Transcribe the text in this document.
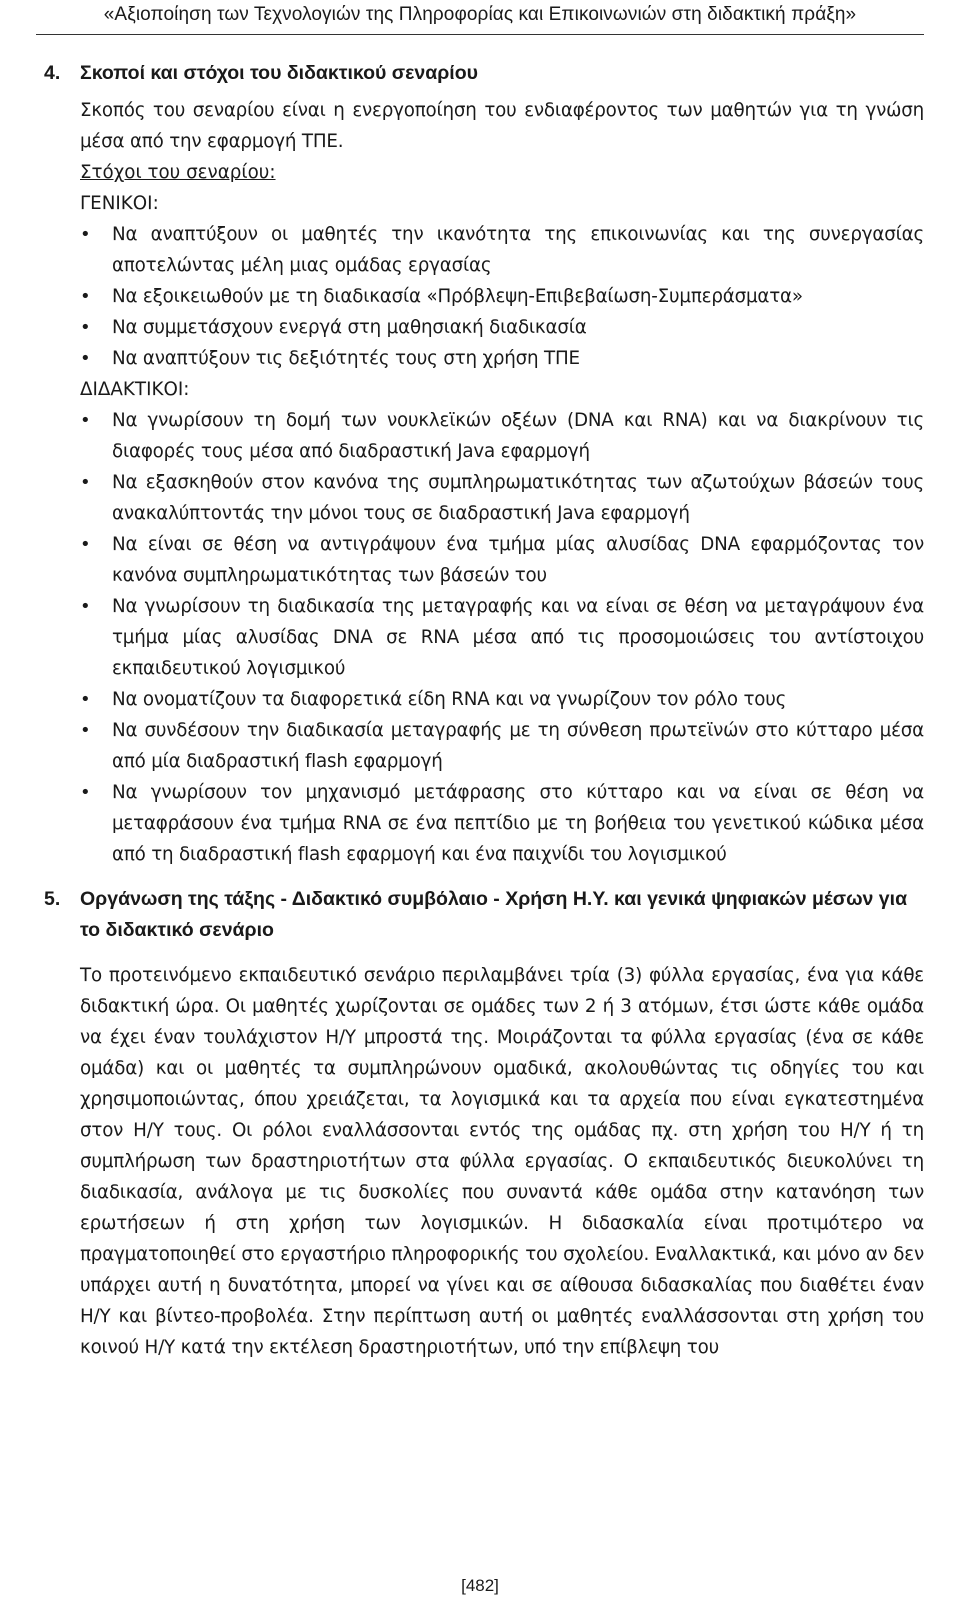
«Αξιοποίηση των Τεχνολογιών της Πληροφορίας και Επικοινωνιών στη διδακτική πράξη»
4.	Σκοποί και στόχοι του διδακτικού σεναρίου

Σκοπός του σεναρίου είναι η ενεργοποίηση του ενδιαφέροντος των μαθητών για τη γνώση μέσα από την εφαρμογή ΤΠΕ.

Στόχοι του σεναρίου:
ΓΕΝΙΚΟΙ:
•	Να αναπτύξουν οι μαθητές την ικανότητα της επικοινωνίας και της συνεργασίας αποτελώντας μέλη μιας ομάδας εργασίας
•	Να εξοικειωθούν με τη διαδικασία «Πρόβλεψη-Επιβεβαίωση-Συμπεράσματα»
•	Να συμμετάσχουν ενεργά στη μαθησιακή διαδικασία
•	Να αναπτύξουν τις δεξιότητές τους στη χρήση ΤΠΕ
ΔΙΔΑΚΤΙΚΟΙ:
•	Να γνωρίσουν τη δομή των νουκλεϊκών οξέων (DNA και RNA) και να διακρίνουν τις διαφορές τους μέσα από διαδραστική Java εφαρμογή
•	Να εξασκηθούν στον κανόνα της συμπληρωματικότητας των αζωτούχων βάσεών τους ανακαλύπτοντάς την μόνοι τους σε διαδραστική Java εφαρμογή
•	Να είναι σε θέση να αντιγράψουν ένα τμήμα μίας αλυσίδας DNA εφαρμόζοντας τον κανόνα συμπληρωματικότητας των βάσεών του
•	Να γνωρίσουν τη διαδικασία της μεταγραφής και να είναι σε θέση να μεταγράψουν ένα τμήμα μίας αλυσίδας DNA σε RNA μέσα από τις προσομοιώσεις του αντίστοιχου εκπαιδευτικού λογισμικού
•	Να ονοματίζουν τα διαφορετικά είδη RNA και να γνωρίζουν τον ρόλο τους
•	Να συνδέσουν την διαδικασία μεταγραφής με τη σύνθεση πρωτεϊνών στο κύτταρο μέσα από μία διαδραστική flash εφαρμογή
•	Να γνωρίσουν τον μηχανισμό μετάφρασης στο κύτταρο και να είναι σε θέση να μεταφράσουν ένα τμήμα RNA σε ένα πεπτίδιο με τη βοήθεια του γενετικού κώδικα μέσα από τη διαδραστική flash εφαρμογή και ένα παιχνίδι του λογισμικού
5.	Οργάνωση της τάξης - Διδακτικό συμβόλαιο - Χρήση Η.Υ. και γενικά ψηφιακών μέσων για το διδακτικό σενάριο

Το προτεινόμενο εκπαιδευτικό σενάριο περιλαμβάνει τρία (3) φύλλα εργασίας, ένα για κάθε διδακτική ώρα. Οι μαθητές χωρίζονται σε ομάδες των 2 ή 3 ατόμων, έτσι ώστε κάθε ομάδα να έχει έναν τουλάχιστον Η/Υ μπροστά της. Μοιράζονται τα φύλλα εργασίας (ένα σε κάθε ομάδα) και οι μαθητές τα συμπληρώνουν ομαδικά, ακολουθώντας τις οδηγίες του και χρησιμοποιώντας, όπου χρειάζεται, τα λογισμικά και τα αρχεία που είναι εγκατεστημένα στον Η/Υ τους. Οι ρόλοι εναλλάσσονται εντός της ομάδας πχ. στη χρήση του Η/Υ ή τη συμπλήρωση των δραστηριοτήτων στα φύλλα εργασίας. Ο εκπαιδευτικός διευκολύνει τη διαδικασία, ανάλογα με τις δυσκολίες που συναντά κάθε ομάδα στην κατανόηση των ερωτήσεων ή στη χρήση των λογισμικών. Η διδασκαλία είναι προτιμότερο να πραγματοποιηθεί στο εργαστήριο πληροφορικής του σχολείου. Εναλλακτικά, και μόνο αν δεν υπάρχει αυτή η δυνατότητα, μπορεί να γίνει και σε αίθουσα διδασκαλίας που διαθέτει έναν Η/Υ και βίντεο-προβολέα. Στην περίπτωση αυτή οι μαθητές εναλλάσσονται στη χρήση του κοινού Η/Υ κατά την εκτέλεση δραστηριοτήτων, υπό την επίβλεψη του

[482]
